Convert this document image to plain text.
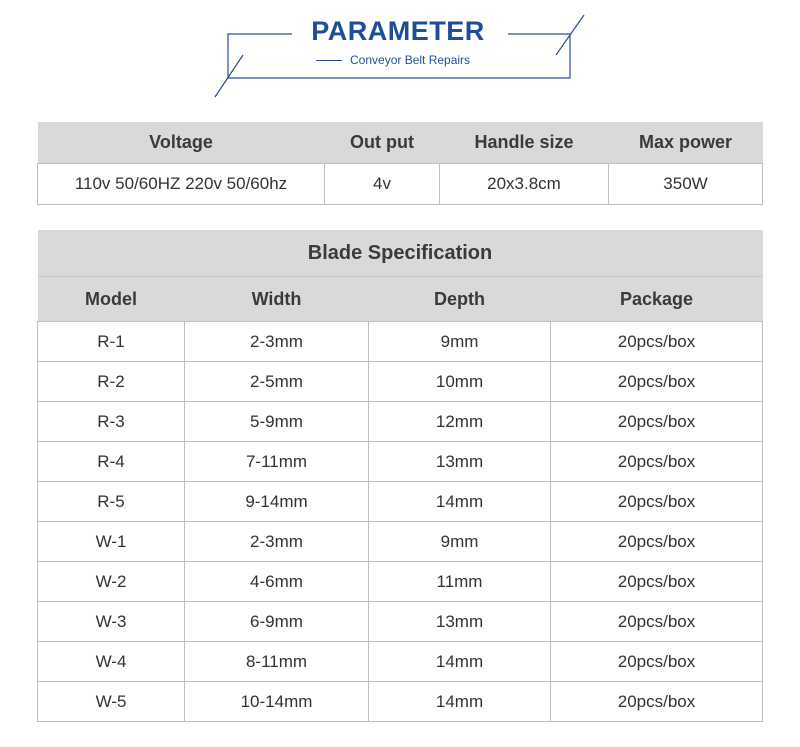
PARAMETER
Conveyor Belt Repairs
Voltage	Out put	Handle size	Max power
110v 50/60HZ 220v 50/60hz	4v	20x3.8cm	350W
Blade Specification			
Model	Width	Depth	Package
R-1	2-3mm	9mm	20pcs/box
R-2	2-5mm	10mm	20pcs/box
R-3	5-9mm	12mm	20pcs/box
R-4	7-11mm	13mm	20pcs/box
R-5	9-14mm	14mm	20pcs/box
W-1	2-3mm	9mm	20pcs/box
W-2	4-6mm	11mm	20pcs/box
W-3	6-9mm	13mm	20pcs/box
W-4	8-11mm	14mm	20pcs/box
W-5	10-14mm	14mm	20pcs/box
